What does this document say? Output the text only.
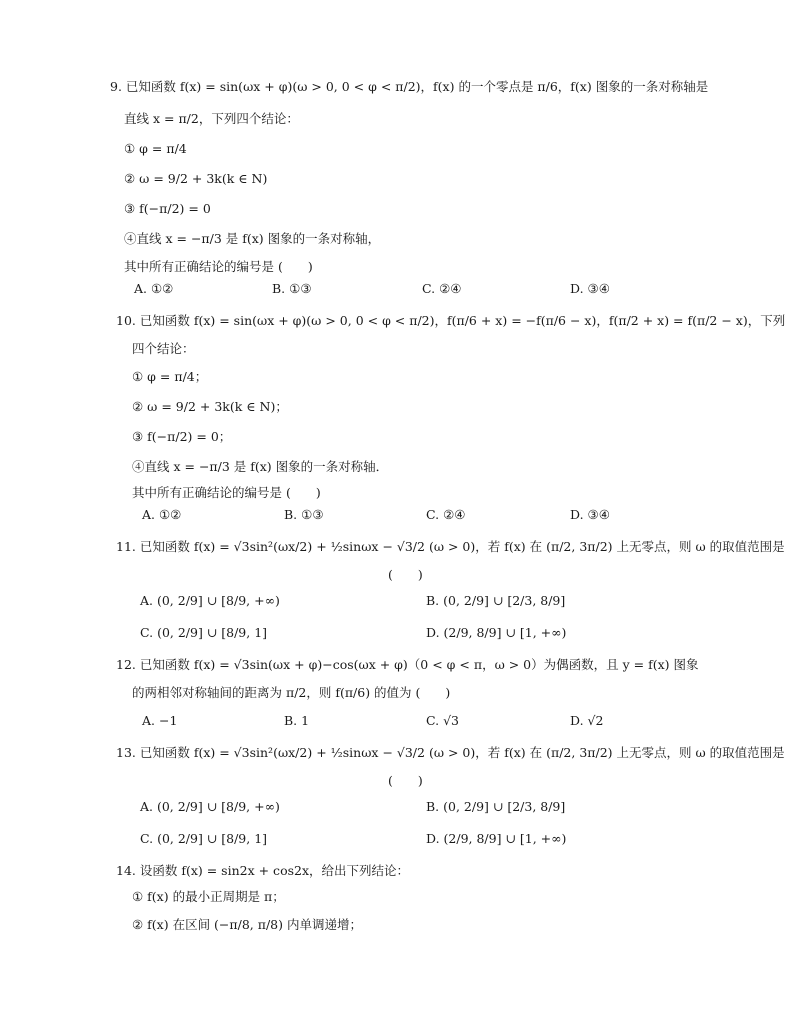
9. 已知函数 f(x) = sin(ωx + φ)(ω > 0, 0 < φ < π/2)，f(x) 的一个零点是 π/6，f(x) 图象的一条对称轴是
直线 x = π/2，下列四个结论：
① φ = π/4
② ω = 9/2 + 3k(k ∈ N)
③ f(−π/2) = 0
④直线 x = −π/3 是 f(x) 图象的一条对称轴，
其中所有正确结论的编号是 (　　)
A. ①②	B. ①③	C. ②④	D. ③④
10. 已知函数 f(x) = sin(ωx + φ)(ω > 0, 0 < φ < π/2)，f(π/6 + x) = −f(π/6 − x)，f(π/2 + x) = f(π/2 − x)，下列
四个结论：
① φ = π/4；
② ω = 9/2 + 3k(k ∈ N)；
③ f(−π/2) = 0；
④直线 x = −π/3 是 f(x) 图象的一条对称轴．
其中所有正确结论的编号是 (　　)
A. ①②	B. ①③	C. ②④	D. ③④
11. 已知函数 f(x) = √3sin²(ωx/2) + ½sinωx − √3/2 (ω > 0)，若 f(x) 在 (π/2, 3π/2) 上无零点，则 ω 的取值范围是
(　　)
A. (0, 2/9] ∪ [8/9, +∞)	B. (0, 2/9] ∪ [2/3, 8/9]
C. (0, 2/9] ∪ [8/9, 1]	D. (2/9, 8/9] ∪ [1, +∞)
12. 已知函数 f(x) = √3sin(ωx + φ)−cos(ωx + φ)（0 < φ < π，ω > 0）为偶函数，且 y = f(x) 图象
的两相邻对称轴间的距离为 π/2，则 f(π/6) 的值为 (　　)
A. −1	B. 1	C. √3	D. √2
13. 已知函数 f(x) = √3sin²(ωx/2) + ½sinωx − √3/2 (ω > 0)，若 f(x) 在 (π/2, 3π/2) 上无零点，则 ω 的取值范围是
(　　)
A. (0, 2/9] ∪ [8/9, +∞)	B. (0, 2/9] ∪ [2/3, 8/9]
C. (0, 2/9] ∪ [8/9, 1]	D. (2/9, 8/9] ∪ [1, +∞)
14. 设函数 f(x) = sin2x + cos2x，给出下列结论：
① f(x) 的最小正周期是 π；
② f(x) 在区间 (−π/8, π/8) 内单调递增；
